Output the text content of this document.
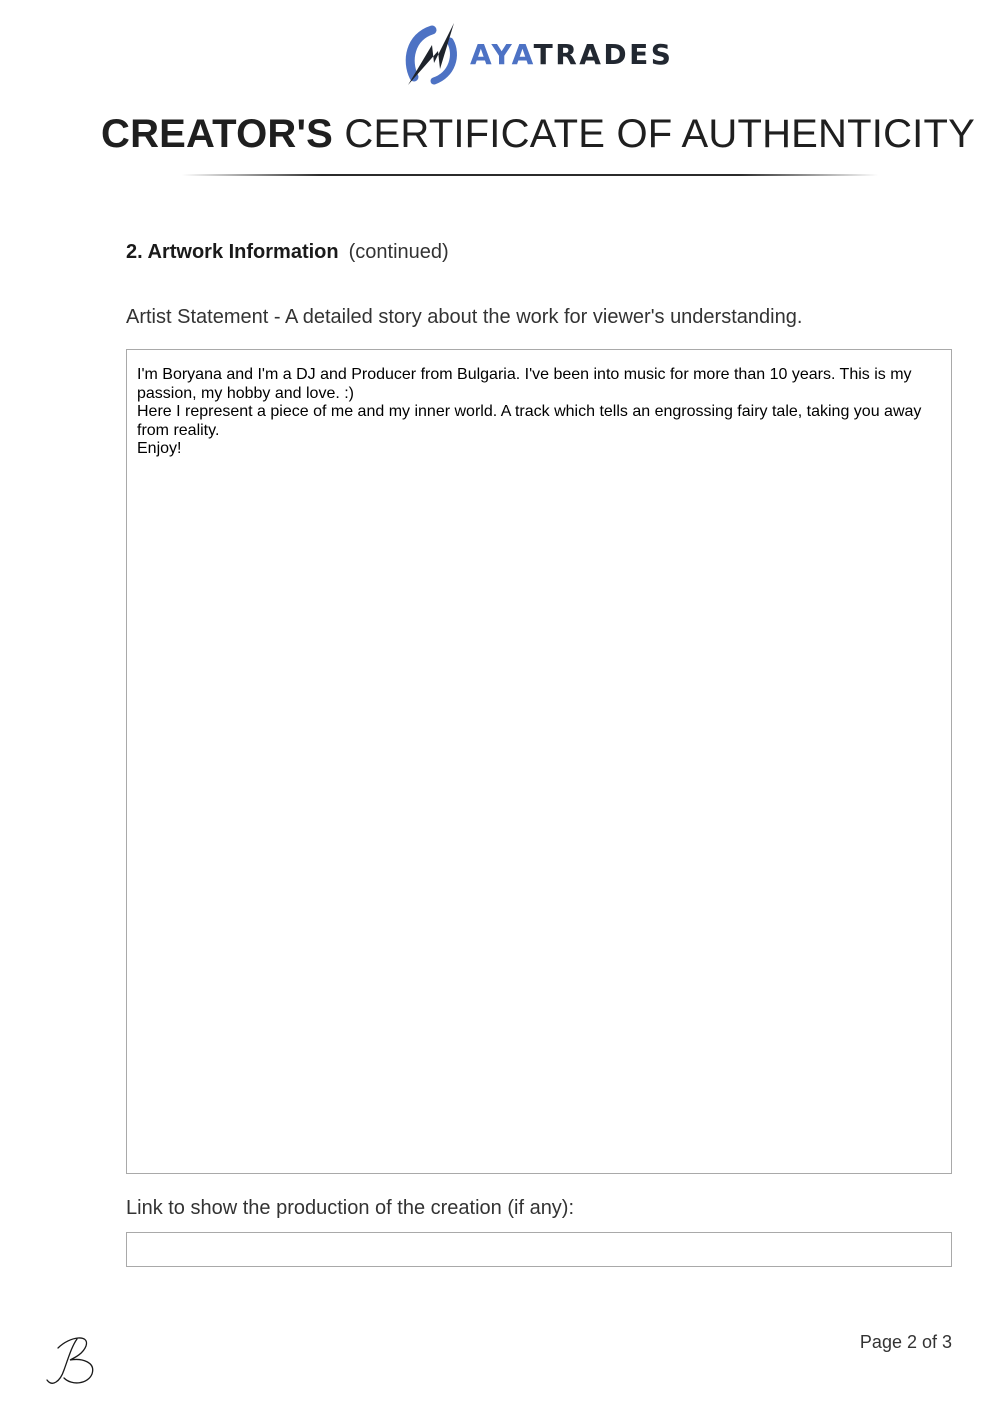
AYATRADES
CREATOR'S CERTIFICATE OF AUTHENTICITY
2. Artwork Information (continued)
Artist Statement - A detailed story about the work for viewer's understanding.
I'm Boryana and I'm a DJ and Producer from Bulgaria. I've been into music for more than 10 years. This is my passion, my hobby and love. :)
Here I represent a piece of me and my inner world. A track which tells an engrossing fairy tale, taking you away from reality.
Enjoy!
Link to show the production of the creation (if any):
Page 2 of 3
